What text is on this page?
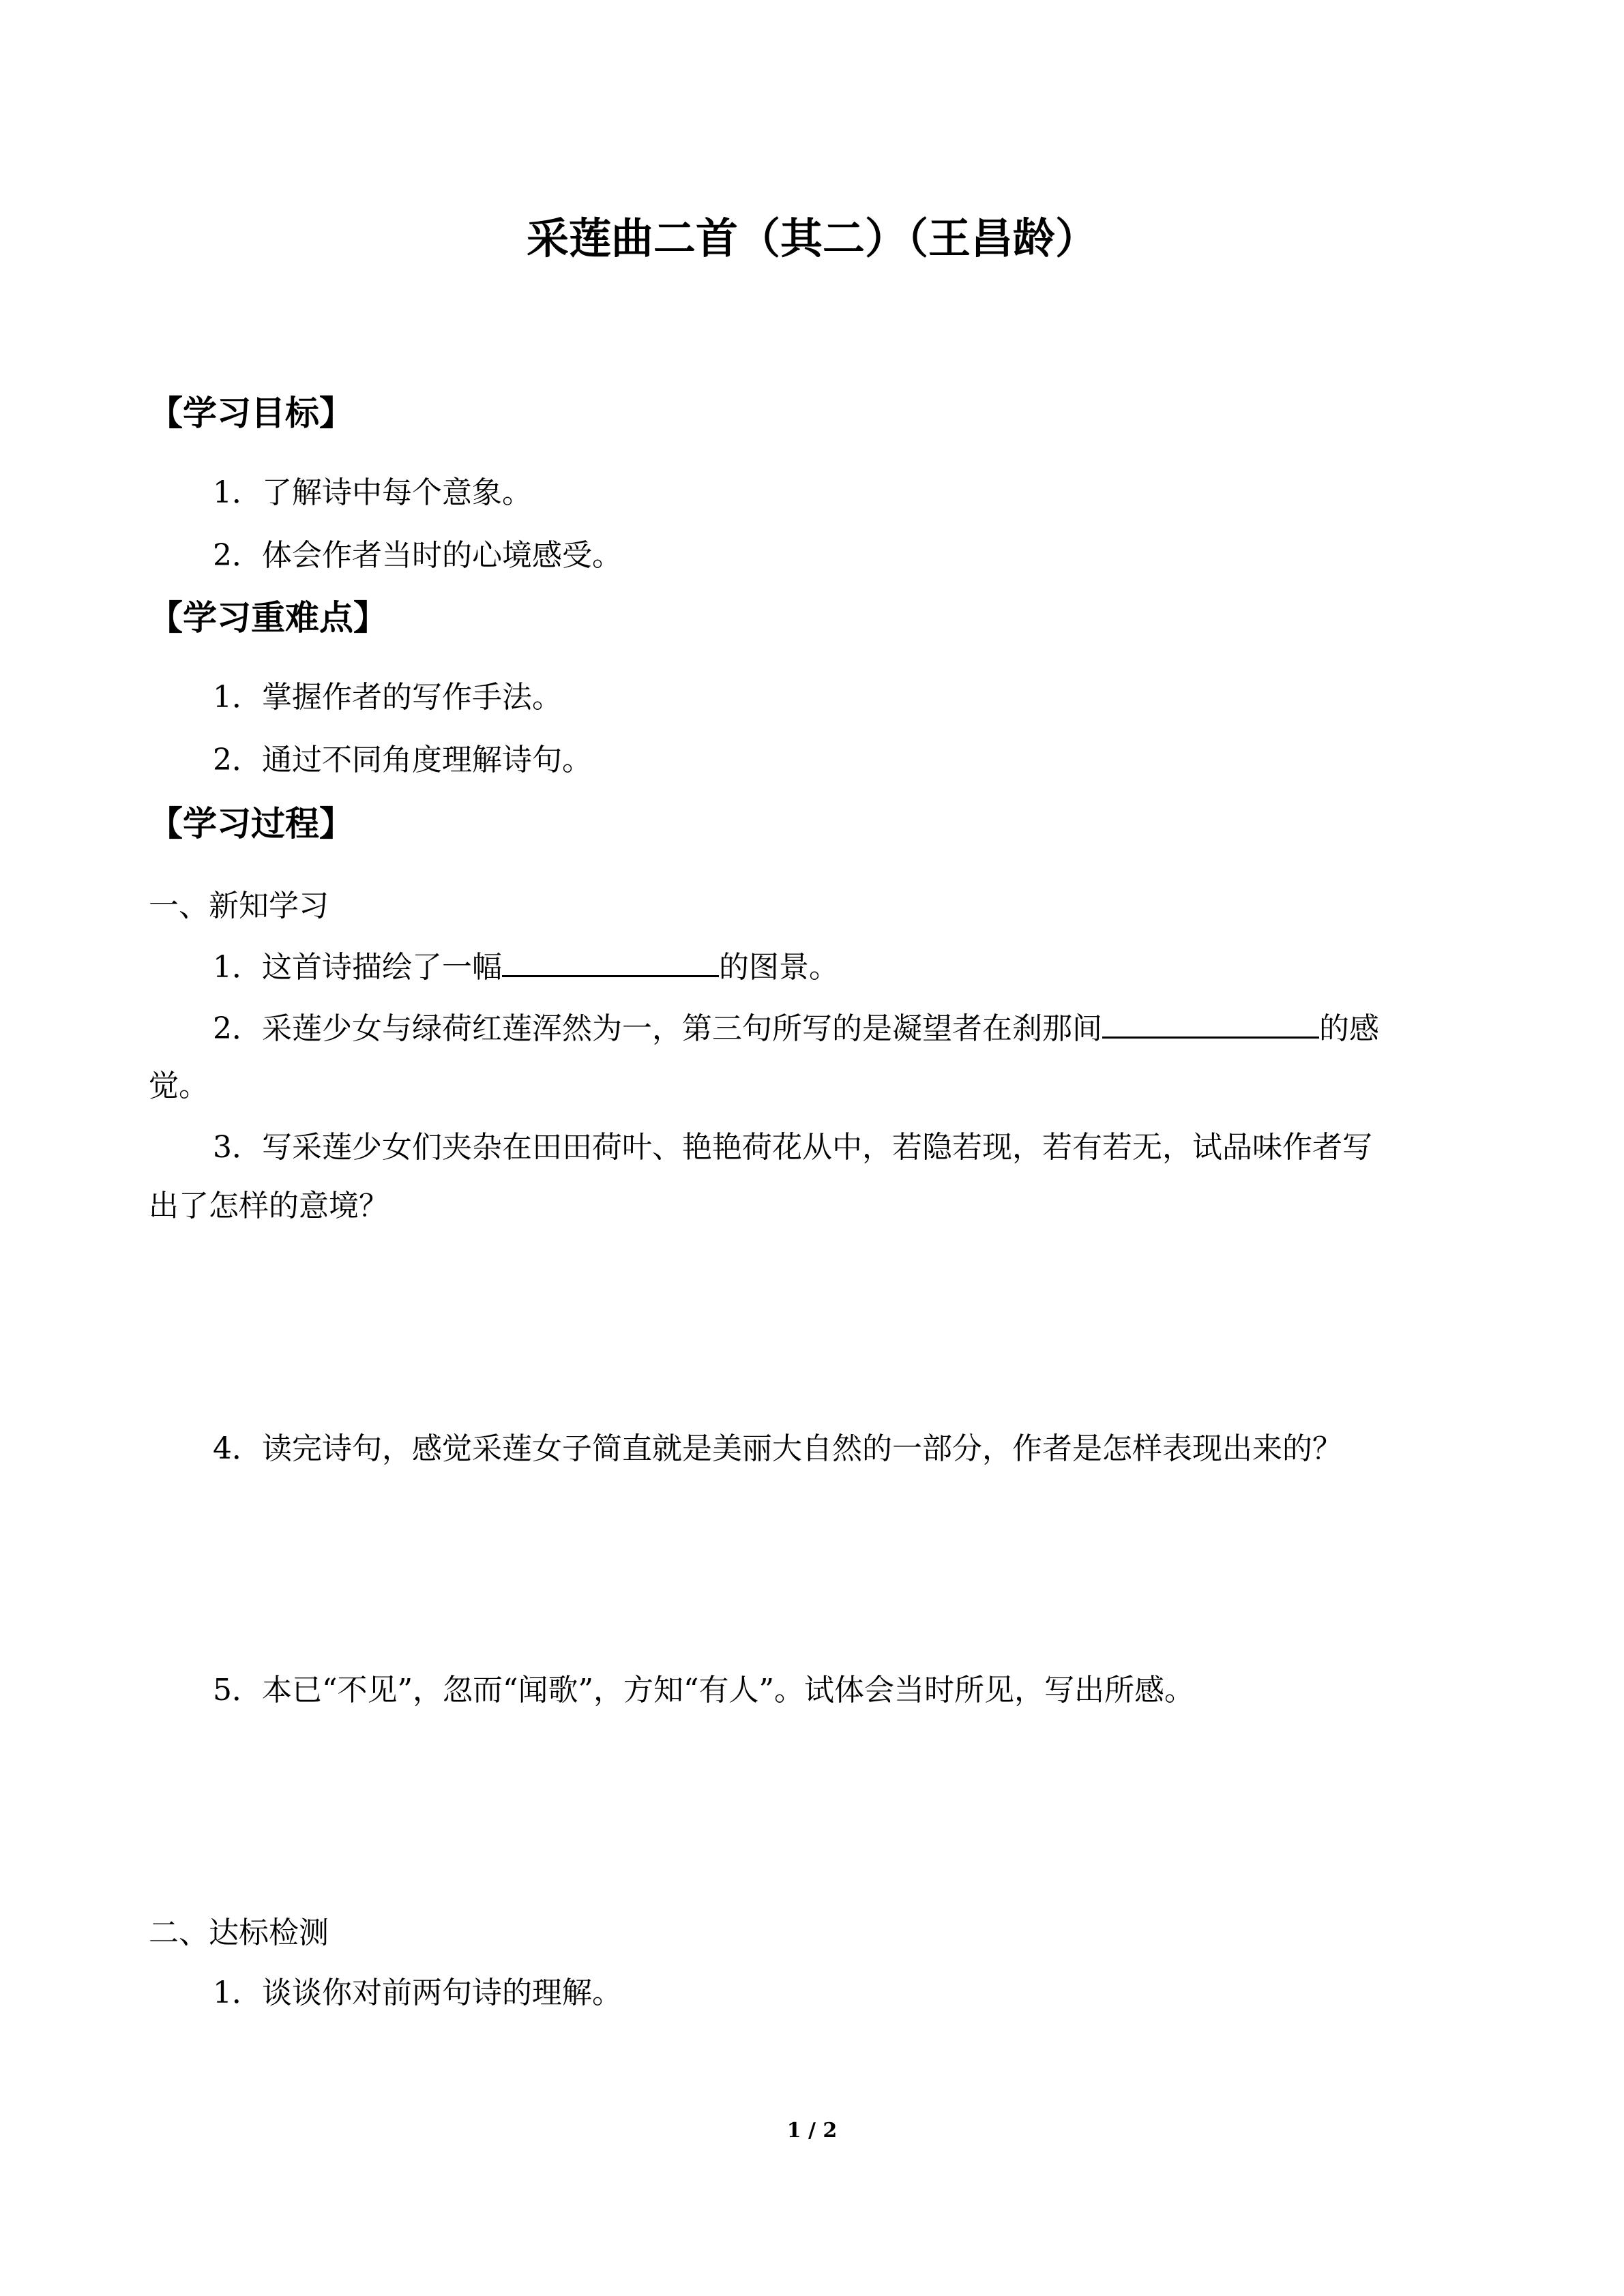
采莲曲二首（其二）（王昌龄）
【学习目标】
1．了解诗中每个意象。
2．体会作者当时的心境感受。
【学习重难点】
1．掌握作者的写作手法。
2．通过不同角度理解诗句。
【学习过程】
一、新知学习
1．这首诗描绘了一幅	的图景。
2．采莲少女与绿荷红莲浑然为一，第三句所写的是凝望者在刹那间	的感
觉。
3．写采莲少女们夹杂在田田荷叶、艳艳荷花从中，若隐若现，若有若无，试品味作者写
出了怎样的意境？
4．读完诗句，感觉采莲女子简直就是美丽大自然的一部分，作者是怎样表现出来的？
5．本已“不见”，忽而“闻歌”，方知“有人”。试体会当时所见，写出所感。
二、达标检测
1．谈谈你对前两句诗的理解。
1 / 2
